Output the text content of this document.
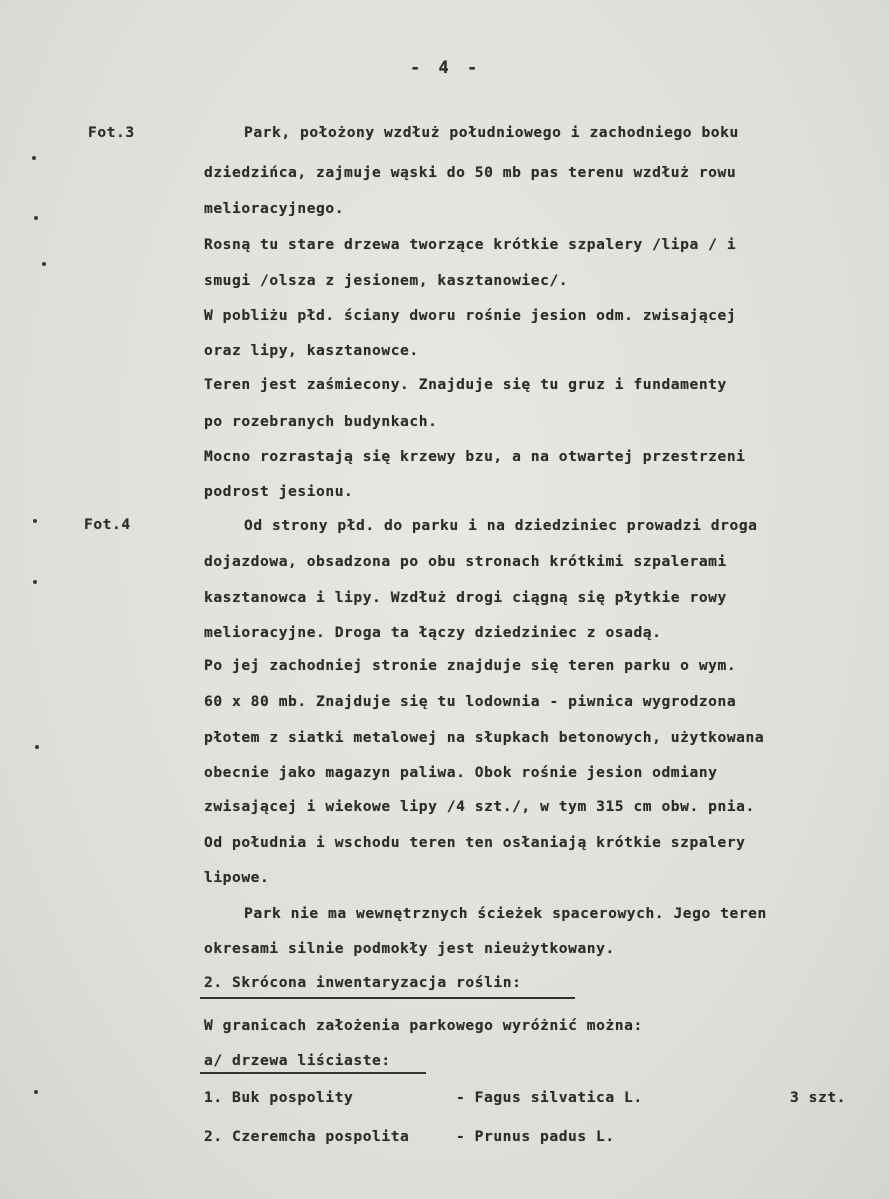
- 4 -
Fot.3
Fot.4
Park, położony wzdłuż południowego i zachodniego boku
dziedzińca, zajmuje wąski do 50 mb pas terenu wzdłuż rowu
melioracyjnego.
Rosną tu stare drzewa tworzące krótkie szpalery /lipa / i
smugi /olsza z jesionem, kasztanowiec/.
W pobliżu płd. ściany dworu rośnie jesion odm. zwisającej
oraz lipy, kasztanowce.
Teren jest zaśmiecony. Znajduje się tu gruz i fundamenty
po rozebranych budynkach.
Mocno rozrastają się krzewy bzu, a na otwartej przestrzeni
podrost jesionu.
Od strony płd. do parku i na dziedziniec prowadzi droga
dojazdowa, obsadzona po obu stronach krótkimi szpalerami
kasztanowca i lipy. Wzdłuż drogi ciągną się płytkie rowy
melioracyjne. Droga ta łączy dziedziniec z osadą.
Po jej zachodniej stronie znajduje się teren parku o wym.
60 x 80 mb. Znajduje się tu lodownia - piwnica wygrodzona
płotem z siatki metalowej na słupkach betonowych, użytkowana
obecnie jako magazyn paliwa. Obok rośnie jesion odmiany
zwisającej i wiekowe lipy /4 szt./, w tym 315 cm obw. pnia.
Od południa i wschodu teren ten osłaniają krótkie szpalery
lipowe.
Park nie ma wewnętrznych ścieżek spacerowych. Jego teren
okresami silnie podmokły jest nieużytkowany.
2. Skrócona inwentaryzacja roślin:
W granicach założenia parkowego wyróżnić można:
a/ drzewa liściaste:
1. Buk pospolity	- Fagus silvatica L.	3 szt.
2. Czeremcha pospolita	- Prunus padus L.
